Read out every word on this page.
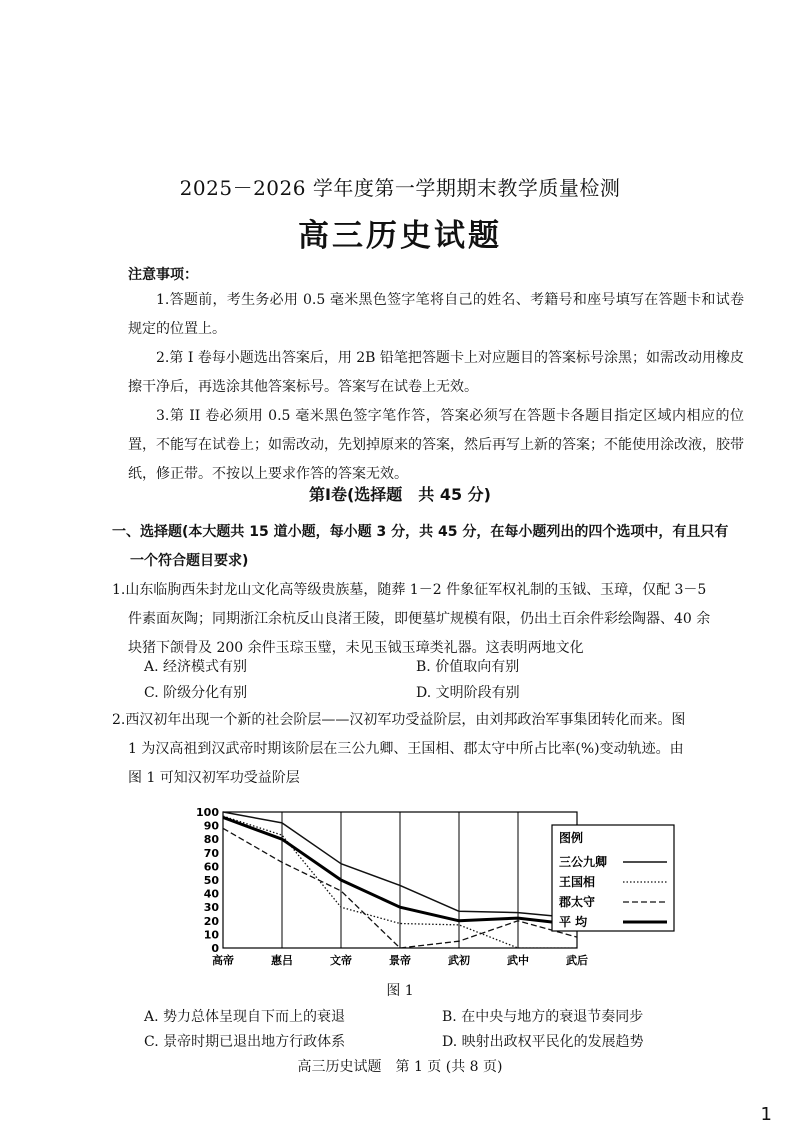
2025－2026 学年度第一学期期末教学质量检测
高三历史试题
注意事项：
1.答题前，考生务必用 0.5 毫米黑色签字笔将自己的姓名、考籍号和座号填写在答题卡和试卷规定的位置上。
2.第 I 卷每小题选出答案后，用 2B 铅笔把答题卡上对应题目的答案标号涂黑；如需改动用橡皮擦干净后，再选涂其他答案标号。答案写在试卷上无效。
3.第 II 卷必须用 0.5 毫米黑色签字笔作答，答案必须写在答题卡各题目指定区域内相应的位置，不能写在试卷上；如需改动，先划掉原来的答案，然后再写上新的答案；不能使用涂改液，胶带纸，修正带。不按以上要求作答的答案无效。
第Ⅰ卷(选择题　共 45 分)
一、选择题(本大题共 15 道小题，每小题 3 分，共 45 分，在每小题列出的四个选项中，有且只有
一个符合题目要求)
1.山东临朐西朱封龙山文化高等级贵族墓，随葬 1－2 件象征军权礼制的玉钺、玉璋，仅配 3－5
件素面灰陶；同期浙江余杭反山良渚王陵，即便墓圹规模有限，仍出土百余件彩绘陶器、40 余
块猪下颌骨及 200 余件玉琮玉璧，未见玉钺玉璋类礼器。这表明两地文化
A. 经济模式有别	B. 价值取向有别
C. 阶级分化有别	D. 文明阶段有别
2.西汉初年出现一个新的社会阶层——汉初军功受益阶层，由刘邦政治军事集团转化而来。图
1 为汉高祖到汉武帝时期该阶层在三公九卿、王国相、郡太守中所占比率(%)变动轨迹。由
图 1 可知汉初军功受益阶层
0
10
20
30
40
50
60
70
80
90
100
高帝	惠吕	文帝	景帝	武初	武中	武后
图 1
A. 势力总体呈现自下而上的衰退	B. 在中央与地方的衰退节奏同步
C. 景帝时期已退出地方行政体系	D. 映射出政权平民化的发展趋势
高三历史试题　第 1 页 (共 8 页)
1
图例
三公九卿
王国相
郡太守
平 均
